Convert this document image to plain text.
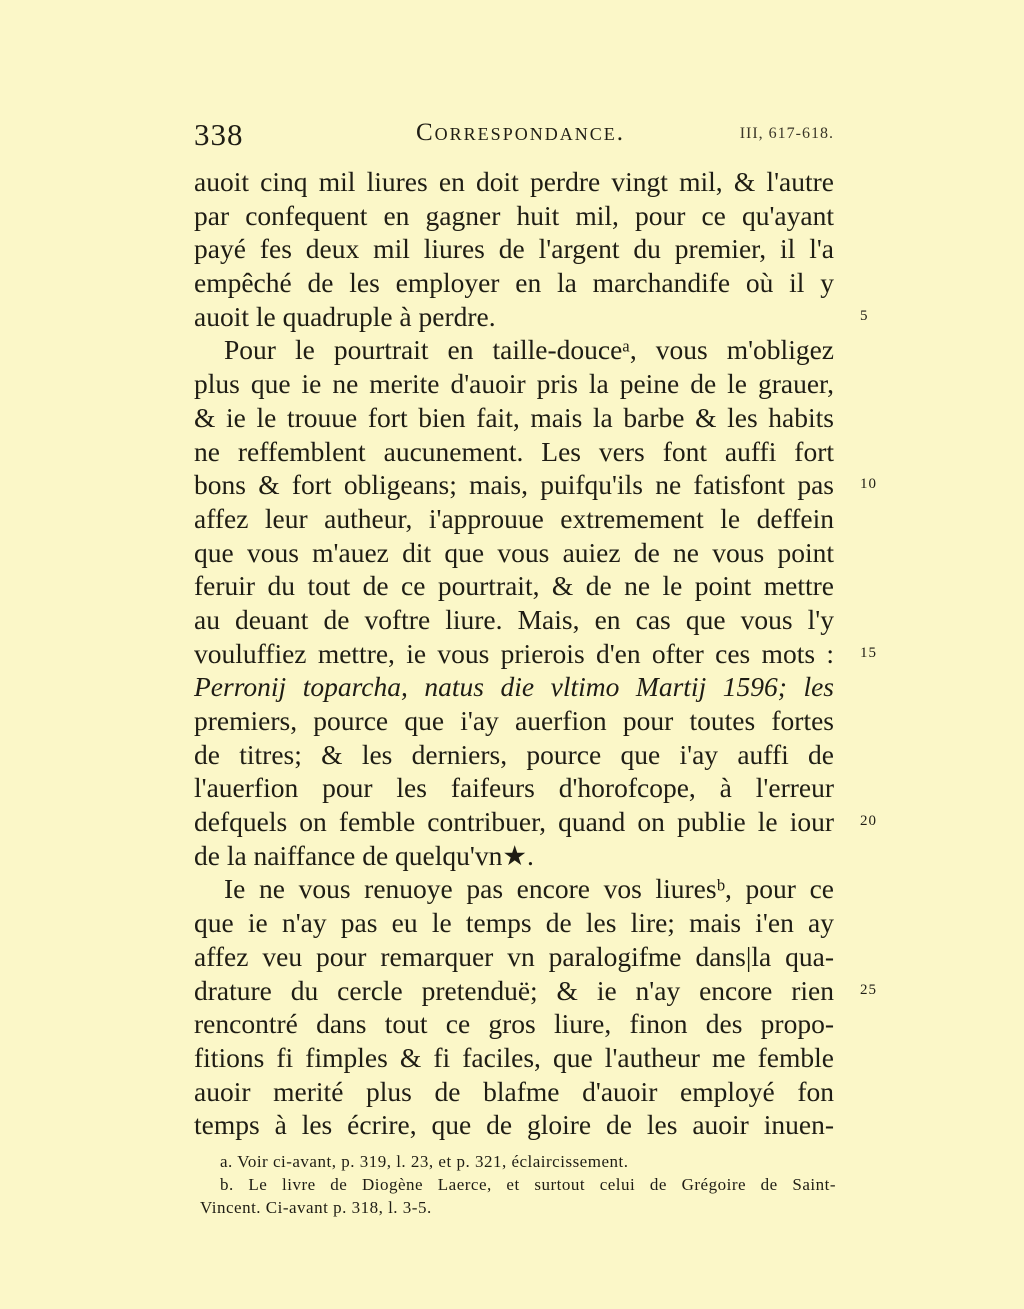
338	Correspondance.	III, 617-618.
auoit cinq mil liures en doit perdre vingt mil, & l'autre
par confequent en gagner huit mil, pour ce qu'ayant
payé fes deux mil liures de l'argent du premier, il l'a
empêché de les employer en la marchandife où il y
auoit le quadruple à perdre.	5
Pour le pourtrait en taille-douceᵃ, vous m'obligez
plus que ie ne merite d'auoir pris la peine de le grauer,
& ie le trouue fort bien fait, mais la barbe & les habits
ne reffemblent aucunement. Les vers font auffi fort
bons & fort obligeans; mais, puifqu'ils ne fatisfont pas 10
affez leur autheur, i'approuue extremement le deffein
que vous m'auez dit que vous auiez de ne vous point
feruir du tout de ce pourtrait, & de ne le point mettre
au deuant de voftre liure. Mais, en cas que vous l'y
vouluffiez mettre, ie vous prierois d'en ofter ces mots : 15
Perronij toparcha, natus die vltimo Martij 1596; les
premiers, pource que i'ay auerfion pour toutes fortes
de titres; & les derniers, pource que i'ay auffi de
l'auerfion pour les faifeurs d'horofcope, à l'erreur
defquels on femble contribuer, quand on publie le iour 20
de la naiffance de quelqu'vn★.
Ie ne vous renuoye pas encore vos liuresᵇ, pour ce
que ie n'ay pas eu le temps de les lire; mais i'en ay
affez veu pour remarquer vn paralogifme dans|la qua-
drature du cercle pretenduë; & ie n'ay encore rien 25
rencontré dans tout ce gros liure, finon des propo-
fitions fi fimples & fi faciles, que l'autheur me femble
auoir merité plus de blafme d'auoir employé fon
temps à les écrire, que de gloire de les auoir inuen-
a. Voir ci-avant, p. 319, l. 23, et p. 321, éclaircissement.
b. Le livre de Diogène Laerce, et surtout celui de Grégoire de Saint-
Vincent. Ci-avant p. 318, l. 3-5.
